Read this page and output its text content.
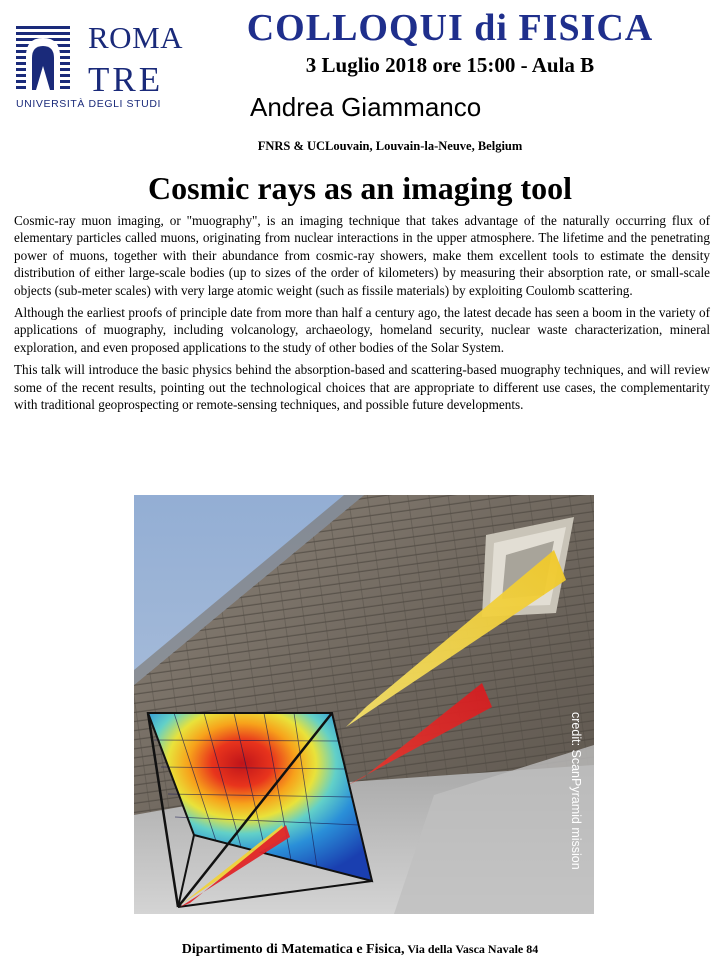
ROMA
TRE
UNIVERSITÀ DEGLI STUDI
COLLOQUI di FISICA
3 Luglio 2018 ore 15:00 - Aula B
Andrea Giammanco
FNRS & UCLouvain, Louvain-la-Neuve, Belgium
Cosmic rays as an imaging tool

Cosmic-ray muon imaging, or "muography", is an imaging technique that takes advantage of the naturally occurring flux of elementary particles called muons, originating from nuclear interactions in the upper atmosphere. The lifetime and the penetrating power of muons, together with their abundance from cosmic-ray showers, make them excellent tools to estimate the density distribution of either large-scale bodies (up to sizes of the order of kilometers) by measuring their absorption rate, or small-scale objects (sub-meter scales) with very large atomic weight (such as fissile materials) by exploiting Coulomb scattering.

Although the earliest proofs of principle date from more than half a century ago, the latest decade has seen a boom in the variety of applications of muography, including volcanology, archaeology, homeland security, nuclear waste characterization, mineral exploration, and even proposed applications to the study of other bodies of the Solar System.

This talk will introduce the basic physics behind the absorption-based and scattering-based muography techniques, and will review some of the recent results, pointing out the technological choices that are appropriate to different use cases, the complementarity with traditional geoprospecting or remote-sensing techniques, and possible future developments.

credit: ScanPyramid mission
Dipartimento di Matematica e Fisica, Via della Vasca Navale 84
